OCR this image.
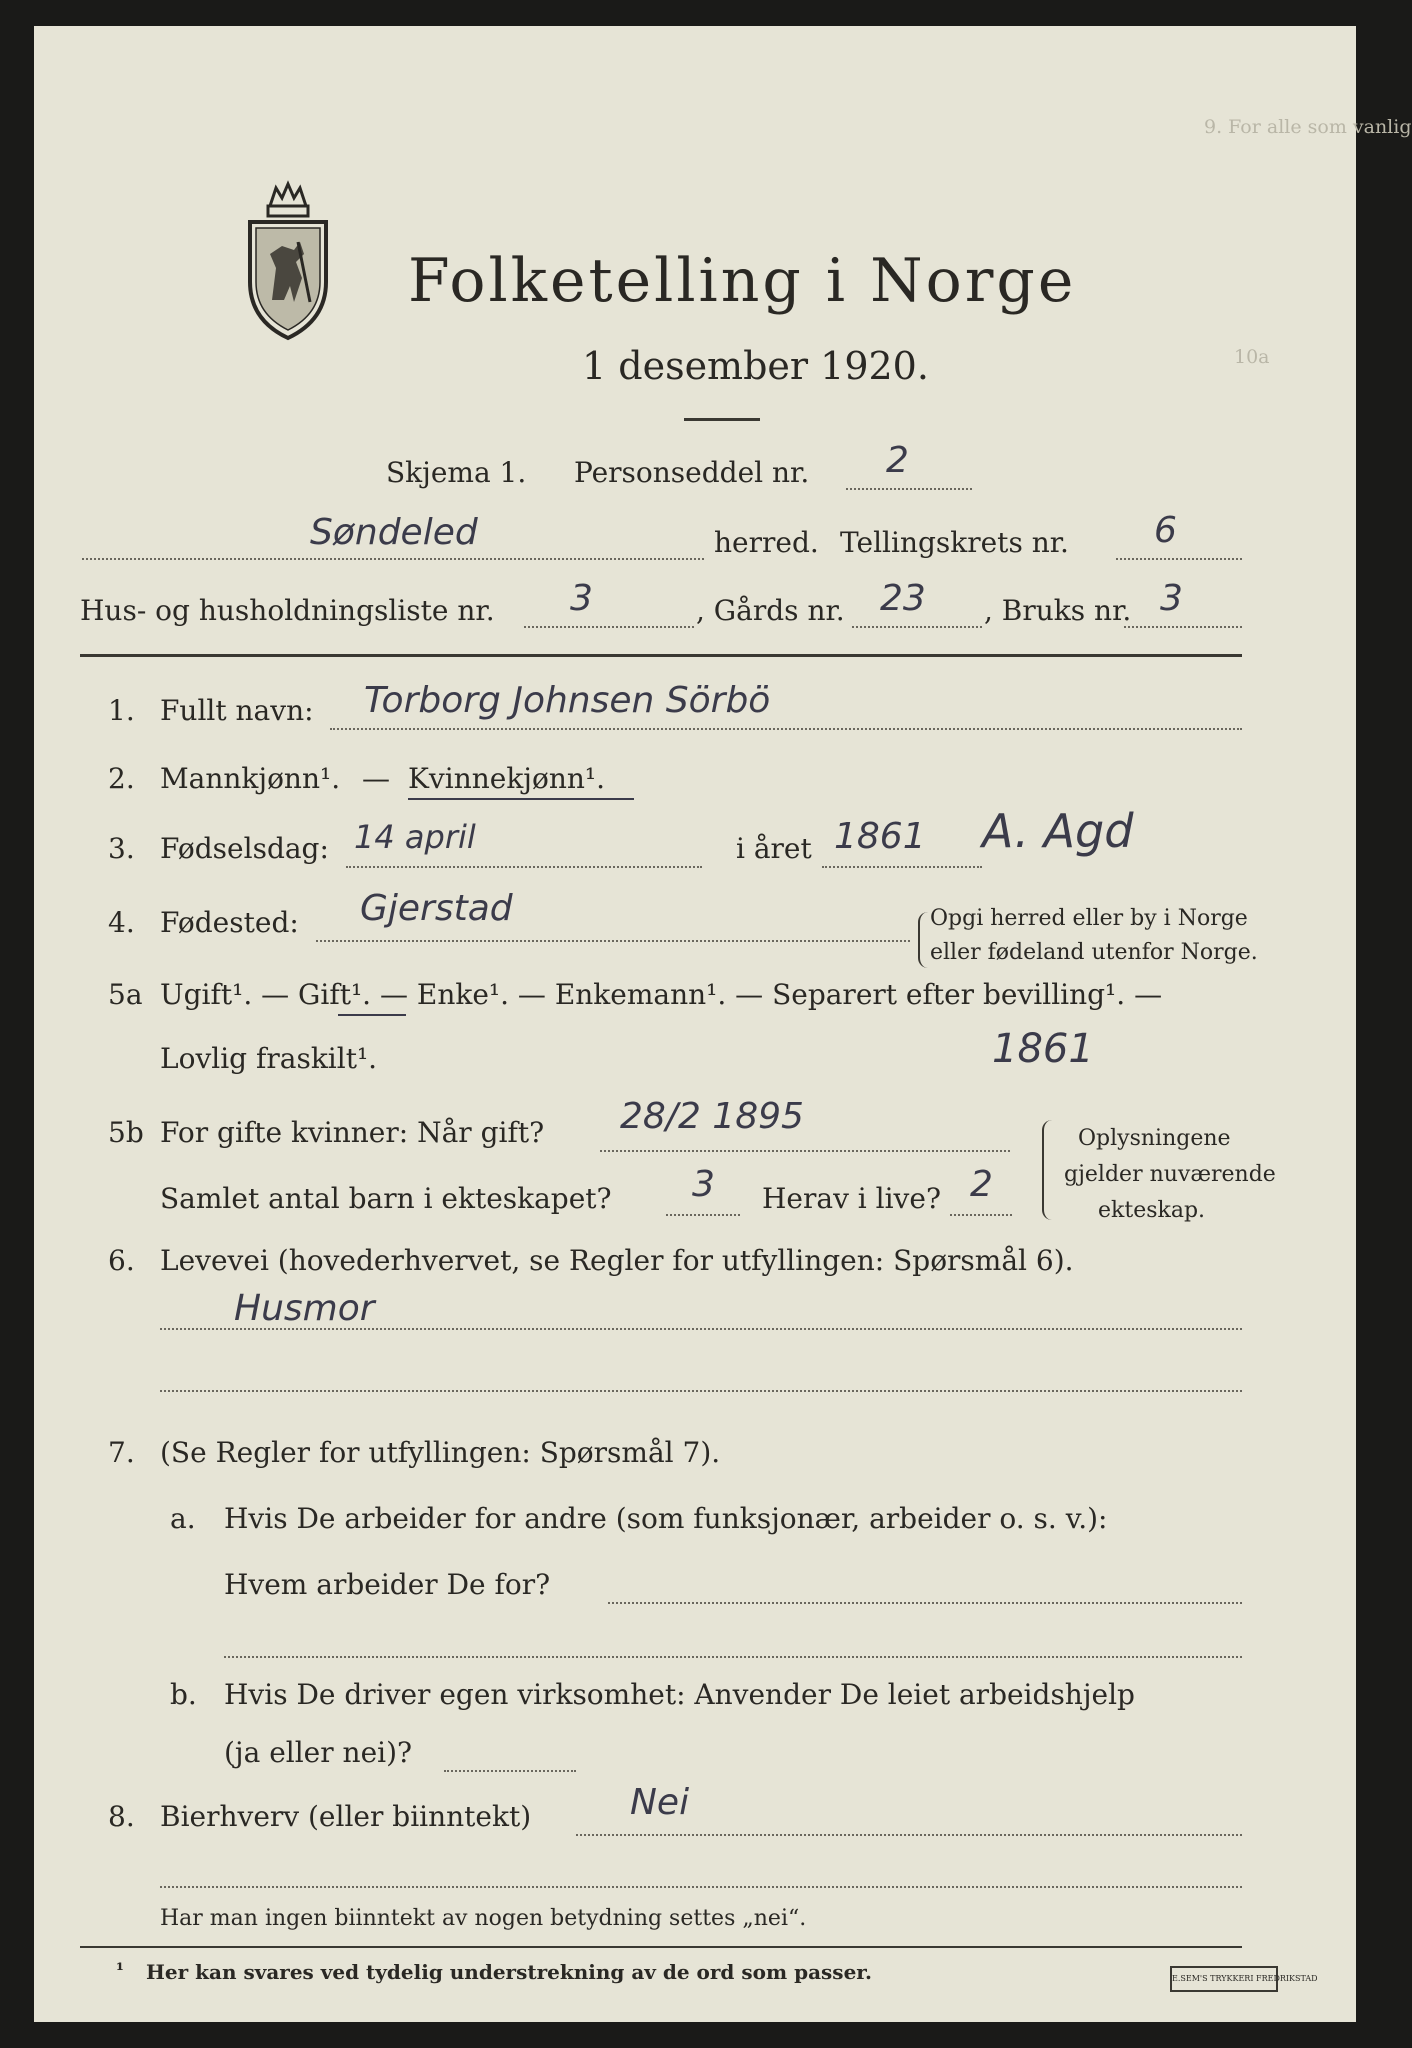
9. For alle som vanlig
10a
Folketelling i Norge
1 desember 1920.
Skjema 1. Personseddel nr. 2
Søndeled	herred. Tellingskrets nr. 6
Hus- og husholdningsliste nr. 3	, Gårds nr. 23 , Bruks nr. 3
1. Fullt navn: Torborg Johnsen Sörbö
2. Mannkjønn¹. — Kvinnekjønn¹.
3. Fødselsdag: 14 april	i året 1861 A. Agd
4. Fødested: Gjerstad	Opgi herred eller by i Norge
eller fødeland utenfor Norge.
5a Ugift¹. — Gift¹. — Enke¹. — Enkemann¹. — Separert efter bevilling¹. —
Lovlig fraskilt¹.	1861
5b For gifte kvinner: Når gift? 28/2 1895
Samlet antal barn i ekteskapet? 3 Herav i live? 2
Oplysningene
gjelder nuværende
ekteskap.
6. Levevei (hovederhvervet, se Regler for utfyllingen: Spørsmål 6).
Husmor
7. (Se Regler for utfyllingen: Spørsmål 7).
a. Hvis De arbeider for andre (som funksjonær, arbeider o. s. v.):
Hvem arbeider De for?
b. Hvis De driver egen virksomhet: Anvender De leiet arbeidshjelp
(ja eller nei)?
8. Bierhverv (eller biinntekt)	Nei
Har man ingen biinntekt av nogen betydning settes „nei“.
¹ Her kan svares ved tydelig understrekning av de ord som passer.	E.SEM'S TRYKKERI FREDRIKSTAD
